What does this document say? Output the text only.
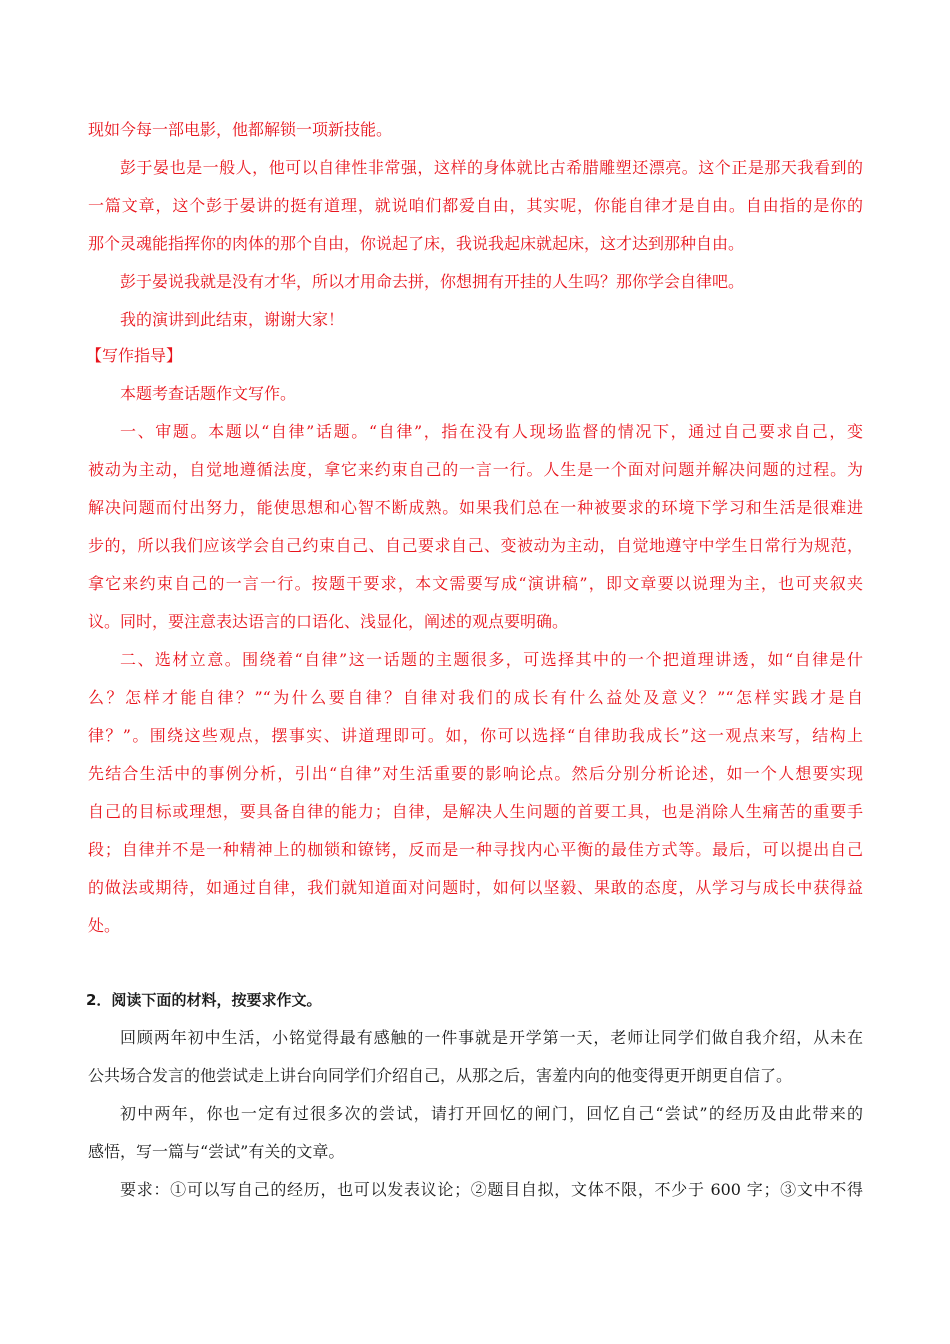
现如今每一部电影，他都解锁一项新技能。
彭于晏也是一般人，他可以自律性非常强，这样的身体就比古希腊雕塑还漂亮。这个正是那天我看到的
一篇文章，这个彭于晏讲的挺有道理，就说咱们都爱自由，其实呢，你能自律才是自由。自由指的是你的
那个灵魂能指挥你的肉体的那个自由，你说起了床，我说我起床就起床，这才达到那种自由。
彭于晏说我就是没有才华，所以才用命去拼，你想拥有开挂的人生吗？那你学会自律吧。
我的演讲到此结束，谢谢大家！
【写作指导】
本题考查话题作文写作。
一、审题。本题以“自律”话题。“自律”，指在没有人现场监督的情况下，通过自己要求自己，变
被动为主动，自觉地遵循法度，拿它来约束自己的一言一行。人生是一个面对问题并解决问题的过程。为
解决问题而付出努力，能使思想和心智不断成熟。如果我们总在一种被要求的环境下学习和生活是很难进
步的，所以我们应该学会自己约束自己、自己要求自己、变被动为主动，自觉地遵守中学生日常行为规范，
拿它来约束自己的一言一行。按题干要求，本文需要写成“演讲稿”，即文章要以说理为主，也可夹叙夹
议。同时，要注意表达语言的口语化、浅显化，阐述的观点要明确。
二、选材立意。围绕着“自律”这一话题的主题很多，可选择其中的一个把道理讲透，如“自律是什
么？怎样才能自律？”“为什么要自律？自律对我们的成长有什么益处及意义？”“怎样实践才是自
律？”。围绕这些观点，摆事实、讲道理即可。如，你可以选择“自律助我成长”这一观点来写，结构上
先结合生活中的事例分析，引出“自律”对生活重要的影响论点。然后分别分析论述，如一个人想要实现
自己的目标或理想，要具备自律的能力；自律，是解决人生问题的首要工具，也是消除人生痛苦的重要手
段；自律并不是一种精神上的枷锁和镣铐，反而是一种寻找内心平衡的最佳方式等。最后，可以提出自己
的做法或期待，如通过自律，我们就知道面对问题时，如何以坚毅、果敢的态度，从学习与成长中获得益
处。
2．阅读下面的材料，按要求作文。
回顾两年初中生活，小铭觉得最有感触的一件事就是开学第一天，老师让同学们做自我介绍，从未在
公共场合发言的他尝试走上讲台向同学们介绍自己，从那之后，害羞内向的他变得更开朗更自信了。
初中两年，你也一定有过很多次的尝试，请打开回忆的闸门，回忆自己“尝试”的经历及由此带来的
感悟，写一篇与“尝试”有关的文章。
要求：①可以写自己的经历，也可以发表议论；②题目自拟，文体不限，不少于 600 字；③文中不得
